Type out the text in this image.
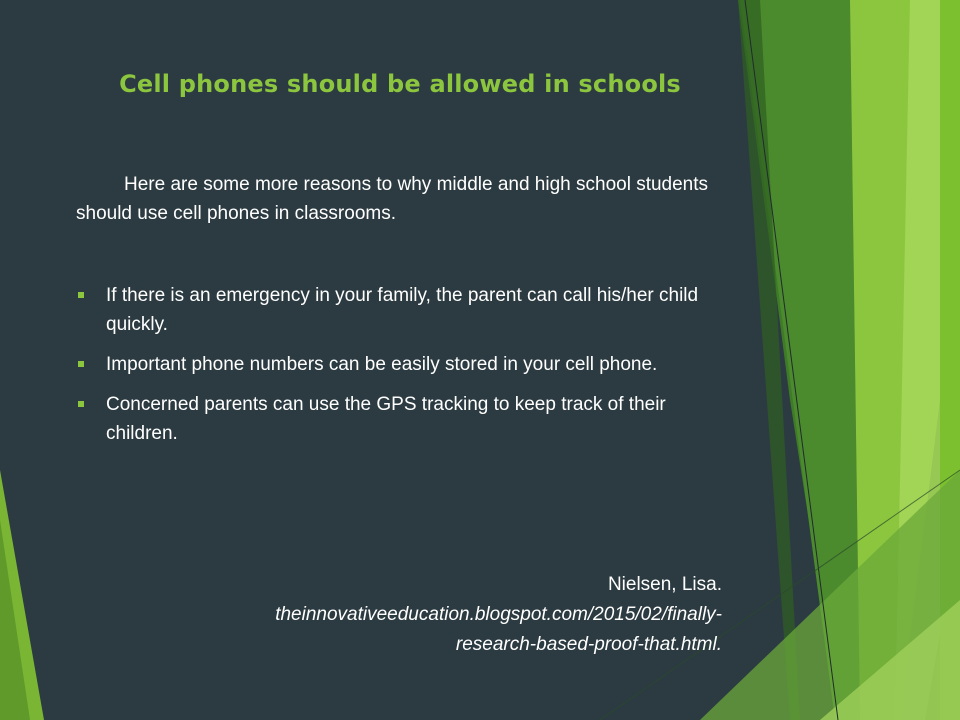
Cell phones should be allowed in schools

Here are some more reasons to why middle and high school students should use cell phones in classrooms.

If there is an emergency in your family, the parent can call his/her child quickly.
Important phone numbers can be easily stored in your cell phone.
Concerned parents can use the GPS tracking to keep track of their children.
Nielsen, Lisa.
theinnovativeeducation.blogspot.com/2015/02/finally-
research-based-proof-that.html.
